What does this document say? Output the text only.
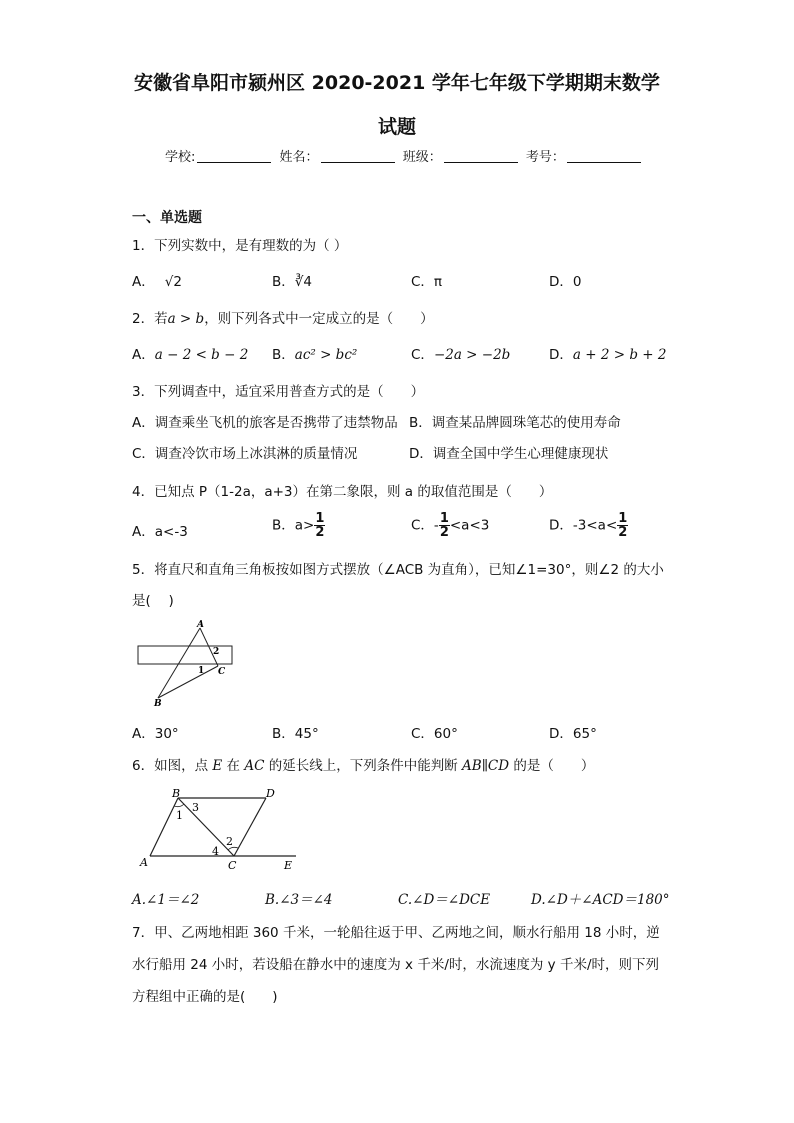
安徽省阜阳市颍州区 2020-2021 学年七年级下学期期末数学
试题
学校:	姓名：	班级：	考号：
一、单选题
1．下列实数中，是有理数的为（ ）
A． √2	B．∛4	C．π	D．0
2．若a > b，则下列各式中一定成立的是（　　）
A．a − 2 < b − 2 B．ac² > bc²	C．−2a > −2b	D．a + 2 > b + 2
3．下列调查中，适宜采用普查方式的是（　　）
A．调查乘坐飞机的旅客是否携带了违禁物品 B．调查某品牌圆珠笔芯的使用寿命
C．调查冷饮市场上冰淇淋的质量情况	D．调查全国中学生心理健康现状
4．已知点 P（1-2a，a+3）在第二象限，则 a 的取值范围是（　　）
A．a<-3	B．$a> \frac{1}{2}$	C．- $\frac{1}{2} <a<3$	D．$-3<a< \frac{1}{2}$
5．将直尺和直角三角板按如图方式摆放（∠ACB 为直角），已知∠1=30°，则∠2 的大小
是(　 )
A
B
C
1
2
A．30°	B．45°	C．60°	D．65°
6．如图，点 E 在 AC 的延长线上，下列条件中能判断 AB∥CD 的是（　　）
B	D
A	C	E
1
2
3
4
A.∠1＝∠2	B.∠3＝∠4	C.∠D＝∠DCE	D.∠D＋∠ACD＝180°
7．甲、乙两地相距 360 千米，一轮船往返于甲、乙两地之间，顺水行船用 18 小时，逆
水行船用 24 小时，若设船在静水中的速度为 x 千米/时，水流速度为 y 千米/时，则下列
方程组中正确的是(　　)
